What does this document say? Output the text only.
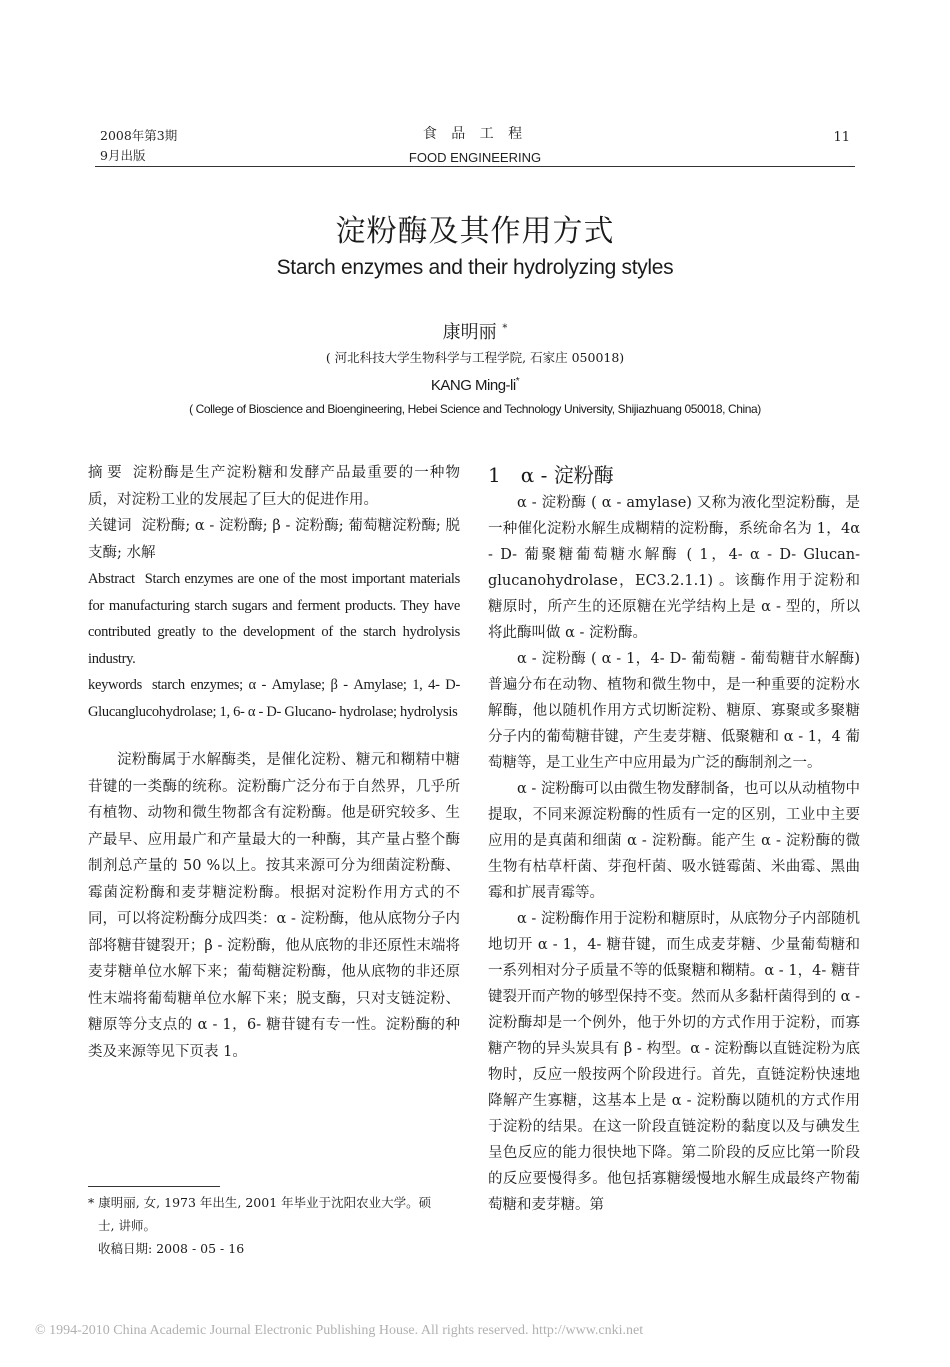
2008年第3期
9月出版
食 品 工 程
FOOD ENGINEERING
11
淀粉酶及其作用方式
Starch enzymes and their hydrolyzing styles
康明丽 *
( 河北科技大学生物科学与工程学院, 石家庄 050018)
KANG Ming-li*
( College of Bioscience and Bioengineering, Hebei Science and Technology University, Shijiazhuang 050018, China)

摘 要 淀粉酶是生产淀粉糖和发酵产品最重要的一种物质，对淀粉工业的发展起了巨大的促进作用。

关键词 淀粉酶; α - 淀粉酶; β - 淀粉酶; 葡萄糖淀粉酶; 脱支酶; 水解

Abstract Starch enzymes are one of the most important materials for manufacturing starch sugars and ferment products. They have contributed greatly to the development of the starch hydrolysis industry.

keywords starch enzymes; α - Amylase; β - Amylase; 1, 4- D- Glucanglucohydrolase; 1, 6- α - D- Glucano- hydrolase; hydrolysis

淀粉酶属于水解酶类，是催化淀粉、糖元和糊精中糖苷键的一类酶的统称。淀粉酶广泛分布于自然界，几乎所有植物、动物和微生物都含有淀粉酶。他是研究较多、生产最早、应用最广和产量最大的一种酶，其产量占整个酶制剂总产量的 50 %以上。按其来源可分为细菌淀粉酶、霉菌淀粉酶和麦芽糖淀粉酶。根据对淀粉作用方式的不同，可以将淀粉酶分成四类：α - 淀粉酶，他从底物分子内部将糖苷键裂开；β - 淀粉酶，他从底物的非还原性末端将麦芽糖单位水解下来；葡萄糖淀粉酶，他从底物的非还原性末端将葡萄糖单位水解下来；脱支酶，只对支链淀粉、糖原等分支点的 α - 1，6- 糖苷键有专一性。淀粉酶的种类及来源等见下页表 1。

1 α - 淀粉酶

α - 淀粉酶 ( α - amylase) 又称为液化型淀粉酶，是一种催化淀粉水解生成糊精的淀粉酶，系统命名为 1，4α - D- 葡聚糖葡萄糖水解酶 ( 1，4- α - D- Glucan- glucanohydrolase，EC3.2.1.1) 。该酶作用于淀粉和糖原时，所产生的还原糖在光学结构上是 α - 型的，所以将此酶叫做 α - 淀粉酶。

α - 淀粉酶 ( α - 1，4- D- 葡萄糖 - 葡萄糖苷水解酶) 普遍分布在动物、植物和微生物中，是一种重要的淀粉水解酶，他以随机作用方式切断淀粉、糖原、寡聚或多聚糖分子内的葡萄糖苷键，产生麦芽糖、低聚糖和 α - 1，4 葡萄糖等，是工业生产中应用最为广泛的酶制剂之一。

α - 淀粉酶可以由微生物发酵制备，也可以从动植物中提取，不同来源淀粉酶的性质有一定的区别，工业中主要应用的是真菌和细菌 α - 淀粉酶。能产生 α - 淀粉酶的微生物有枯草杆菌、芽孢杆菌、吸水链霉菌、米曲霉、黑曲霉和扩展青霉等。

α - 淀粉酶作用于淀粉和糖原时，从底物分子内部随机地切开 α - 1，4- 糖苷键，而生成麦芽糖、少量葡萄糖和一系列相对分子质量不等的低聚糖和糊精。α - 1，4- 糖苷键裂开而产物的够型保持不变。然而从多黏杆菌得到的 α - 淀粉酶却是一个例外，他于外切的方式作用于淀粉，而寡糖产物的异头炭具有 β - 构型。α - 淀粉酶以直链淀粉为底物时，反应一般按两个阶段进行。首先，直链淀粉快速地降解产生寡糖，这基本上是 α - 淀粉酶以随机的方式作用于淀粉的结果。在这一阶段直链淀粉的黏度以及与碘发生呈色反应的能力很快地下降。第二阶段的反应比第一阶段的反应要慢得多。他包括寡糖缓慢地水解生成最终产物葡萄糖和麦芽糖。第

* 康明丽, 女, 1973 年出生, 2001 年毕业于沈阳农业大学。硕

士, 讲师。

收稿日期: 2008 - 05 - 16

© 1994-2010 China Academic Journal Electronic Publishing House. All rights reserved. http://www.cnki.net
